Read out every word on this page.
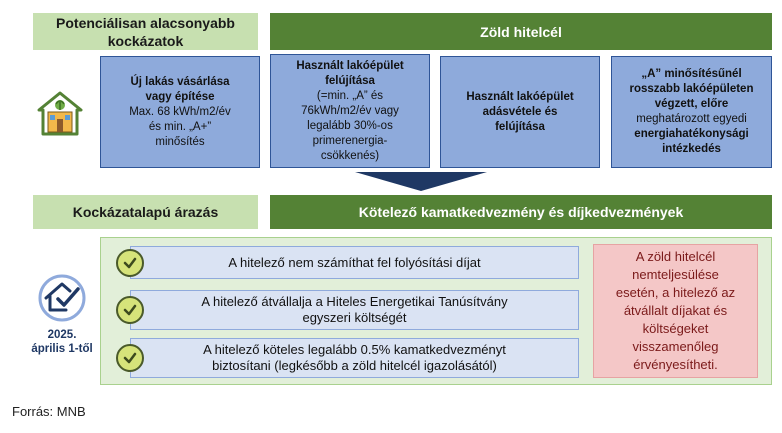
Potenciálisan alacsonyabb
kockázatok
Zöld hitelcél
Új lakás vásárlása
vagy építése
Max. 68 kWh/m2/év
és min. „A+”
minősítés
Használt lakóépület
felújítása
(=min. „A” és
76kWh/m2/év vagy
legalább 30%-os
primerenergia-
csökkenés)
Használt lakóépület
adásvétele és
felújítása
„A” minősítésűnél
rosszabb lakóépületen
végzett, előre
meghatározott egyedi
energiahatékonysági
intézkedés
Kockázatalapú árazás	Kötelező kamatkedvezmény és díjkedvezmények
2025.
április 1-től
A hitelező nem számíthat fel folyósítási díjat
A hitelező átvállalja a Hiteles Energetikai Tanúsítvány
egyszeri költségét
A hitelező köteles legalább 0.5% kamatkedvezményt
biztosítani (legkésőbb a zöld hitelcél igazolásától)
A zöld hitelcél
nemteljesülése
esetén, a hitelező az
átvállalt díjakat és
költségeket
visszamenőleg
érvényesítheti.
Forrás: MNB
